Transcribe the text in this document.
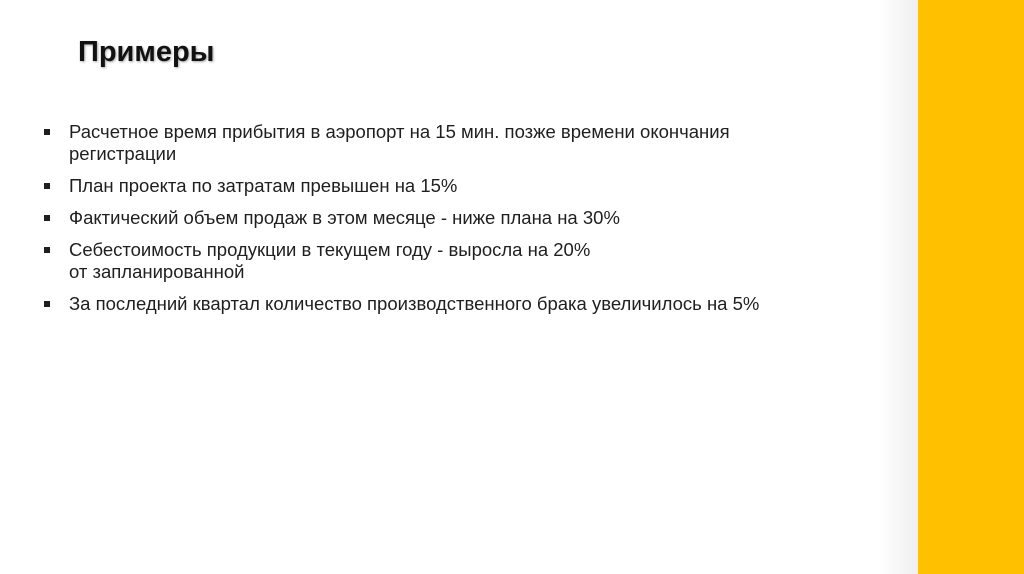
Примеры
Расчетное время прибытия в аэропорт на 15 мин. позже времени окончания
регистрации
План проекта по затратам превышен на 15%
Фактический объем продаж в этом месяце - ниже плана на 30%
Себестоимость продукции в текущем году - выросла на 20%
от запланированной
За последний квартал количество производственного брака увеличилось на 5%
